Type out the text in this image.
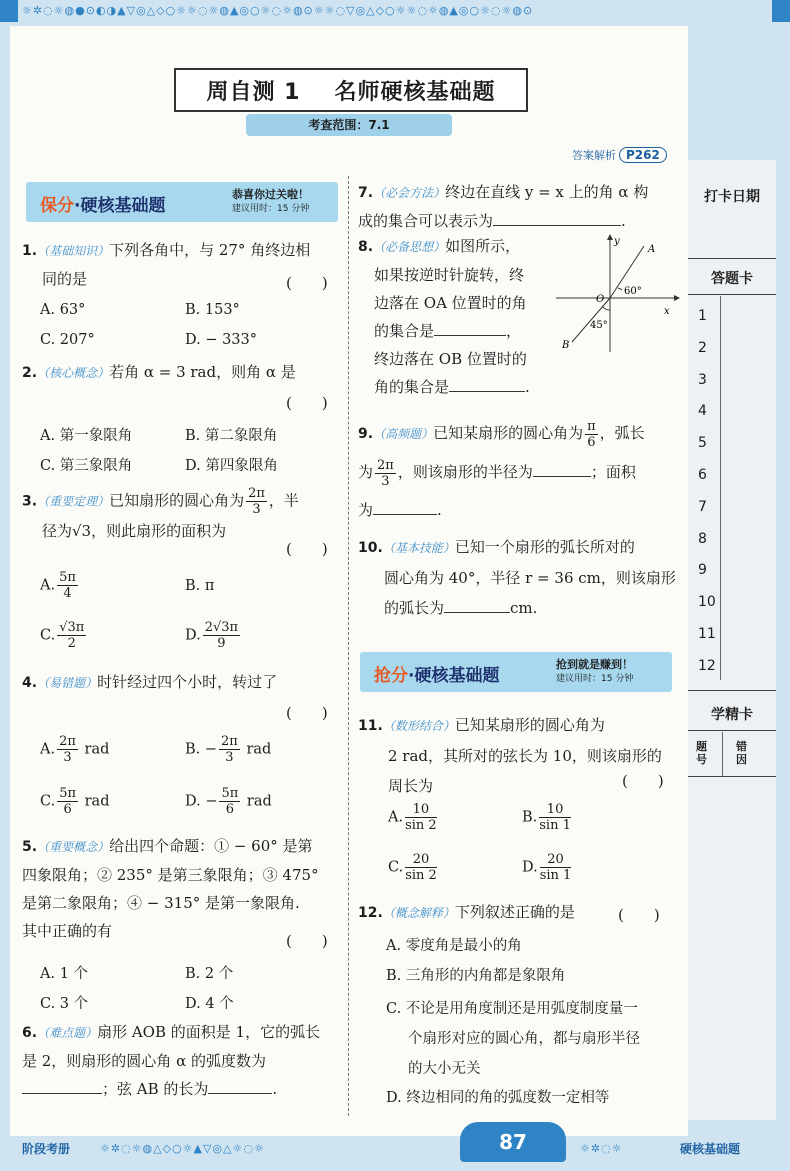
☼✲◌☼◍●⊙◐◑▲▽◎△◇○☼☼◌☼◍▲◎○☼◌☼◍⊙☼☼◌▽◎△◇○☼☼◌☼◍▲◎○☼◌☼◍⊙
周自测 1 名师硬核基础题
考查范围：7.1
答案解析 P262
保分·硬核基础题
恭喜你过关啦！
建议用时：15 分钟
1.（基础知识）下列各角中，与 27° 角终边相
同的是	(　　)
A. 63°	B. 153°
C. 207°	D. − 333°
2.（核心概念）若角 α = 3 rad，则角 α 是
(　　)
A. 第一象限角	B. 第二象限角
C. 第三象限角	D. 第四象限角
3.（重要定理）已知扇形的圆心角为 $\frac{2\pi}{3}$ ，半
径为√3，则此扇形的面积为
(　　)
A. $\frac{5\pi}{4}$	B. π
C. $\frac{√3\pi}{2}$	D. $\frac{2√3\pi}{9}$
4.（易错题）时针经过四个小时，转过了
(　　)
A. $\frac{2\pi}{3}$ rad	B. − $\frac{2\pi}{3}$ rad
C. $\frac{5\pi}{6}$ rad	D. − $\frac{5\pi}{6}$ rad
5.（重要概念）给出四个命题：① − 60° 是第
四象限角；② 235° 是第三象限角；③ 475°
是第二象限角；④ − 315° 是第一象限角.
其中正确的有
(　　)
A. 1 个	B. 2 个
C. 3 个	D. 4 个
6.（难点题）扇形 AOB 的面积是 1，它的弧长
是 2，则扇形的圆心角 α 的弧度数为
；弦 AB 的长为	.
7.（必会方法）终边在直线 y = x 上的角 α 构
成的集合可以表示为	.
8.（必备思想）如图所示，
如果按逆时针旋转，终
边落在 OA 位置时的角
的集合是	，
终边落在 OB 位置时的
角的集合是	.
y
x
O
A
B
60°
45°
9.（高频题）已知某扇形的圆心角为 $\frac{\pi}{6}$ ，弧长
为 $\frac{2\pi}{3}$ ，则该扇形的半径为	；面积
为	.
10.（基本技能）已知一个扇形的弧长所对的
圆心角为 40°，半径 r = 36 cm，则该扇形
的弧长为	cm.
抢分·硬核基础题
抢到就是赚到！
建议用时：15 分钟
11.（数形结合）已知某扇形的圆心角为
2 rad，其所对的弦长为 10，则该扇形的
周长为	(　　)
A. $\frac{10}{\sin 2}$	B. $\frac{10}{\sin 1}$
C. $\frac{20}{\sin 2}$	D. $\frac{20}{\sin 1}$
12.（概念解释）下列叙述正确的是	(　　)
A. 零度角是最小的角
B. 三角形的内角都是象限角
C. 不论是用角度制还是用弧度制度量一
个扇形对应的圆心角，都与扇形半径
的大小无关
D. 终边相同的角的弧度数一定相等
打卡日期
答题卡
1
2
3
4
5
6
7
8
9
10
11
12
学精卡
题号
错因
阶段考册	☼✲◌☼◍△◇○☼▲▽◎△☼◌☼	87	☼✲◌☼	硬核基础题
